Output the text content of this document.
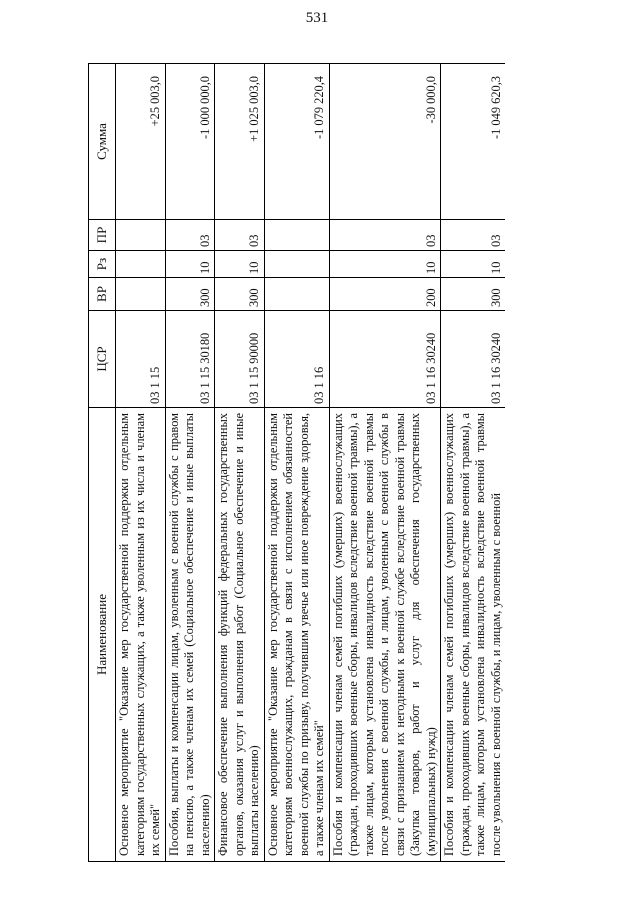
531
Наименование	ЦСР	ВР	Рз	ПР	Сумма
Основное мероприятие "Оказание мер государственной поддержки отдельным категориям государственных служащих, а также уволенным из их числа и членам их семей"	03 1 15				+25 003,0
Пособия, выплаты и компенсации лицам, уволенным с военной службы с правом на пенсию, а также членам их семей (Социальное обеспечение и иные выплаты населению)	03 1 15 30180	300	10	03	-1 000 000,0
Финансовое обеспечение выполнения функций федеральных государственных органов, оказания услуг и выполнения работ (Социальное обеспечение и иные выплаты населению)	03 1 15 90000	300	10	03	+1 025 003,0
Основное мероприятие "Оказание мер государственной поддержки отдельным категориям военнослужащих, гражданам в связи с исполнением обязанностей военной службы по призыву, получившим увечье или иное повреждение здоровья, а также членам их семей"	03 1 16				-1 079 220,4
Пособия и компенсации членам семей погибших (умерших) военнослужащих (граждан, проходивших военные сборы, инвалидов вследствие военной травмы), а также лицам, которым установлена инвалидность вследствие военной травмы после увольнения с военной службы, и лицам, уволенным с военной службы в связи с признанием их негодными к военной службе вследствие военной травмы (Закупка товаров, работ и услуг для обеспечения государственных (муниципальных) нужд)	03 1 16 30240	200	10	03	-30 000,0
Пособия и компенсации членам семей погибших (умерших) военнослужащих (граждан, проходивших военные сборы, инвалидов вследствие военной травмы), а также лицам, которым установлена инвалидность вследствие военной травмы после увольнения с военной службы, и лицам, уволенным с военной	03 1 16 30240	300	10	03	-1 049 620,3
